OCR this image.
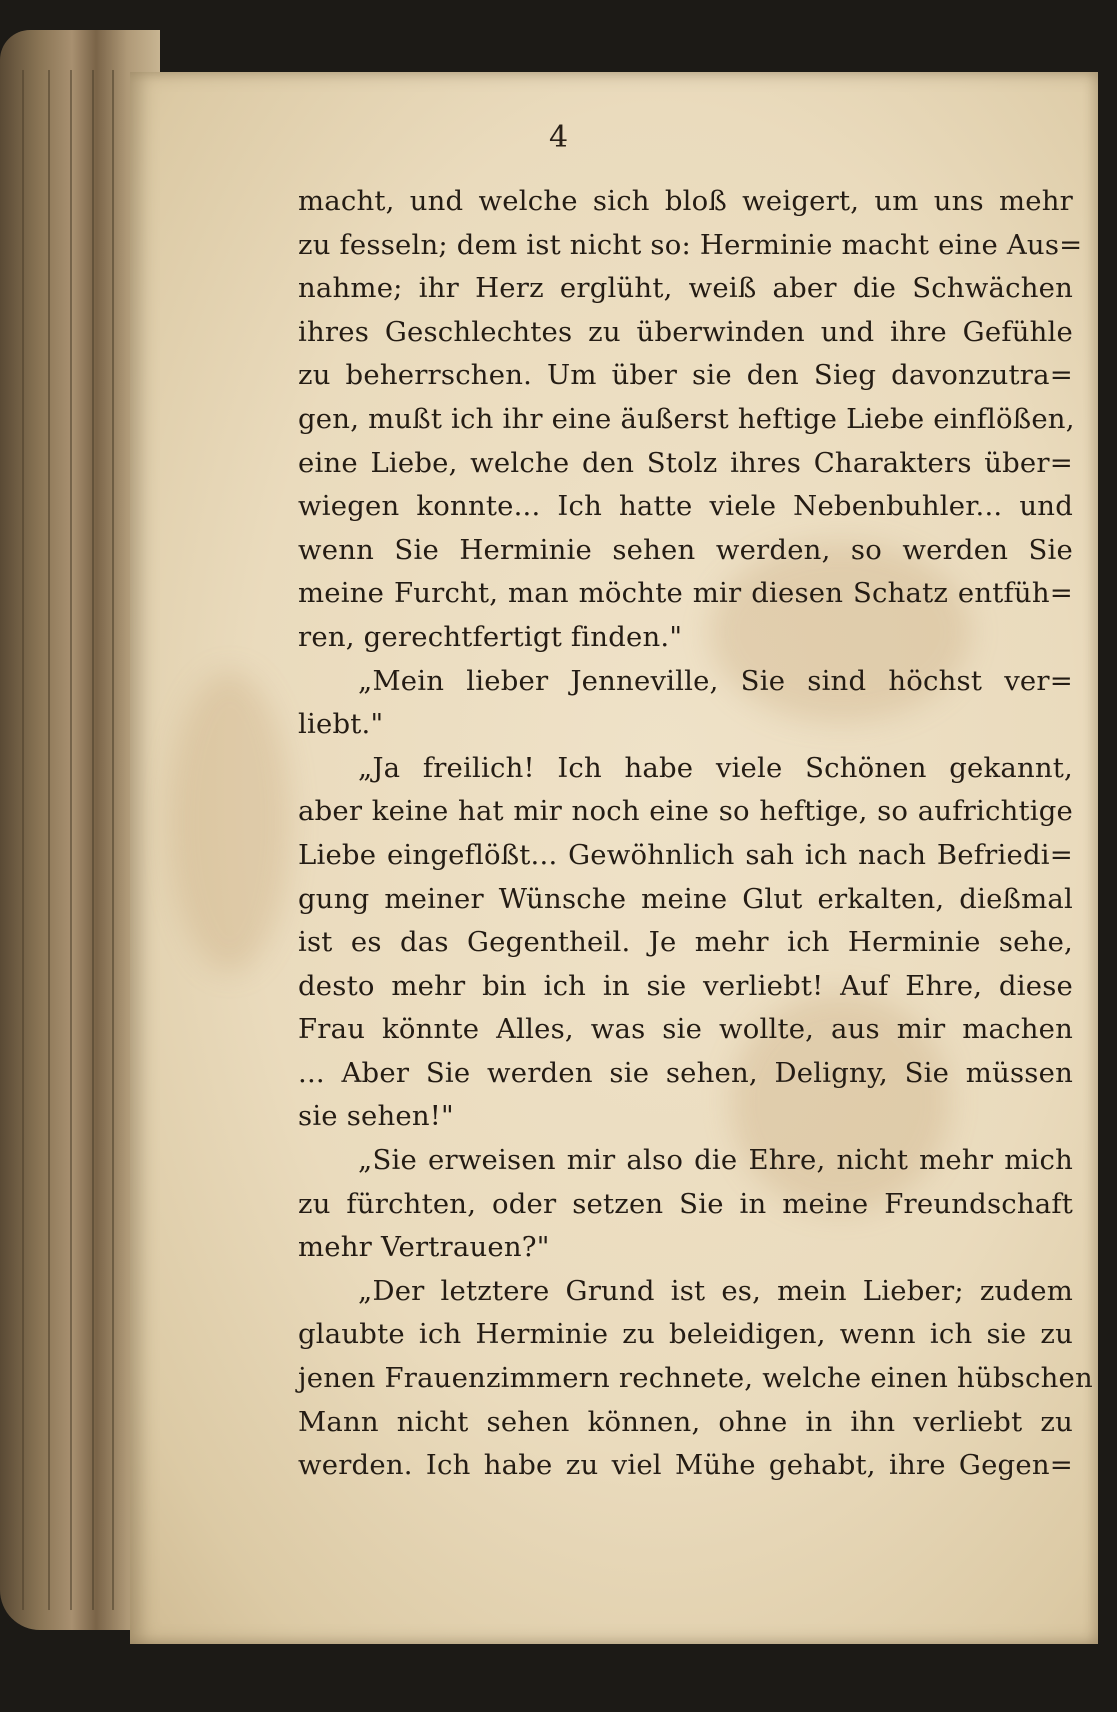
4
macht, und welche sich bloß weigert, um uns mehr
zu fesseln; dem ist nicht so: Herminie macht eine Aus=
nahme; ihr Herz erglüht, weiß aber die Schwächen
ihres Geschlechtes zu überwinden und ihre Gefühle
zu beherrschen. Um über sie den Sieg davonzutra=
gen, mußt ich ihr eine äußerst heftige Liebe einflößen,
eine Liebe, welche den Stolz ihres Charakters über=
wiegen konnte... Ich hatte viele Nebenbuhler... und
wenn Sie Herminie sehen werden, so werden Sie
meine Furcht, man möchte mir diesen Schatz entfüh=
ren, gerechtfertigt finden."
„Mein lieber Jenneville, Sie sind höchst ver=
liebt."
„Ja freilich! Ich habe viele Schönen gekannt,
aber keine hat mir noch eine so heftige, so aufrichtige
Liebe eingeflößt... Gewöhnlich sah ich nach Befriedi=
gung meiner Wünsche meine Glut erkalten, dießmal
ist es das Gegentheil. Je mehr ich Herminie sehe,
desto mehr bin ich in sie verliebt! Auf Ehre, diese
Frau könnte Alles, was sie wollte, aus mir machen
... Aber Sie werden sie sehen, Deligny, Sie müssen
sie sehen!"
„Sie erweisen mir also die Ehre, nicht mehr mich
zu fürchten, oder setzen Sie in meine Freundschaft
mehr Vertrauen?"
„Der letztere Grund ist es, mein Lieber; zudem
glaubte ich Herminie zu beleidigen, wenn ich sie zu
jenen Frauenzimmern rechnete, welche einen hübschen
Mann nicht sehen können, ohne in ihn verliebt zu
werden. Ich habe zu viel Mühe gehabt, ihre Gegen=
